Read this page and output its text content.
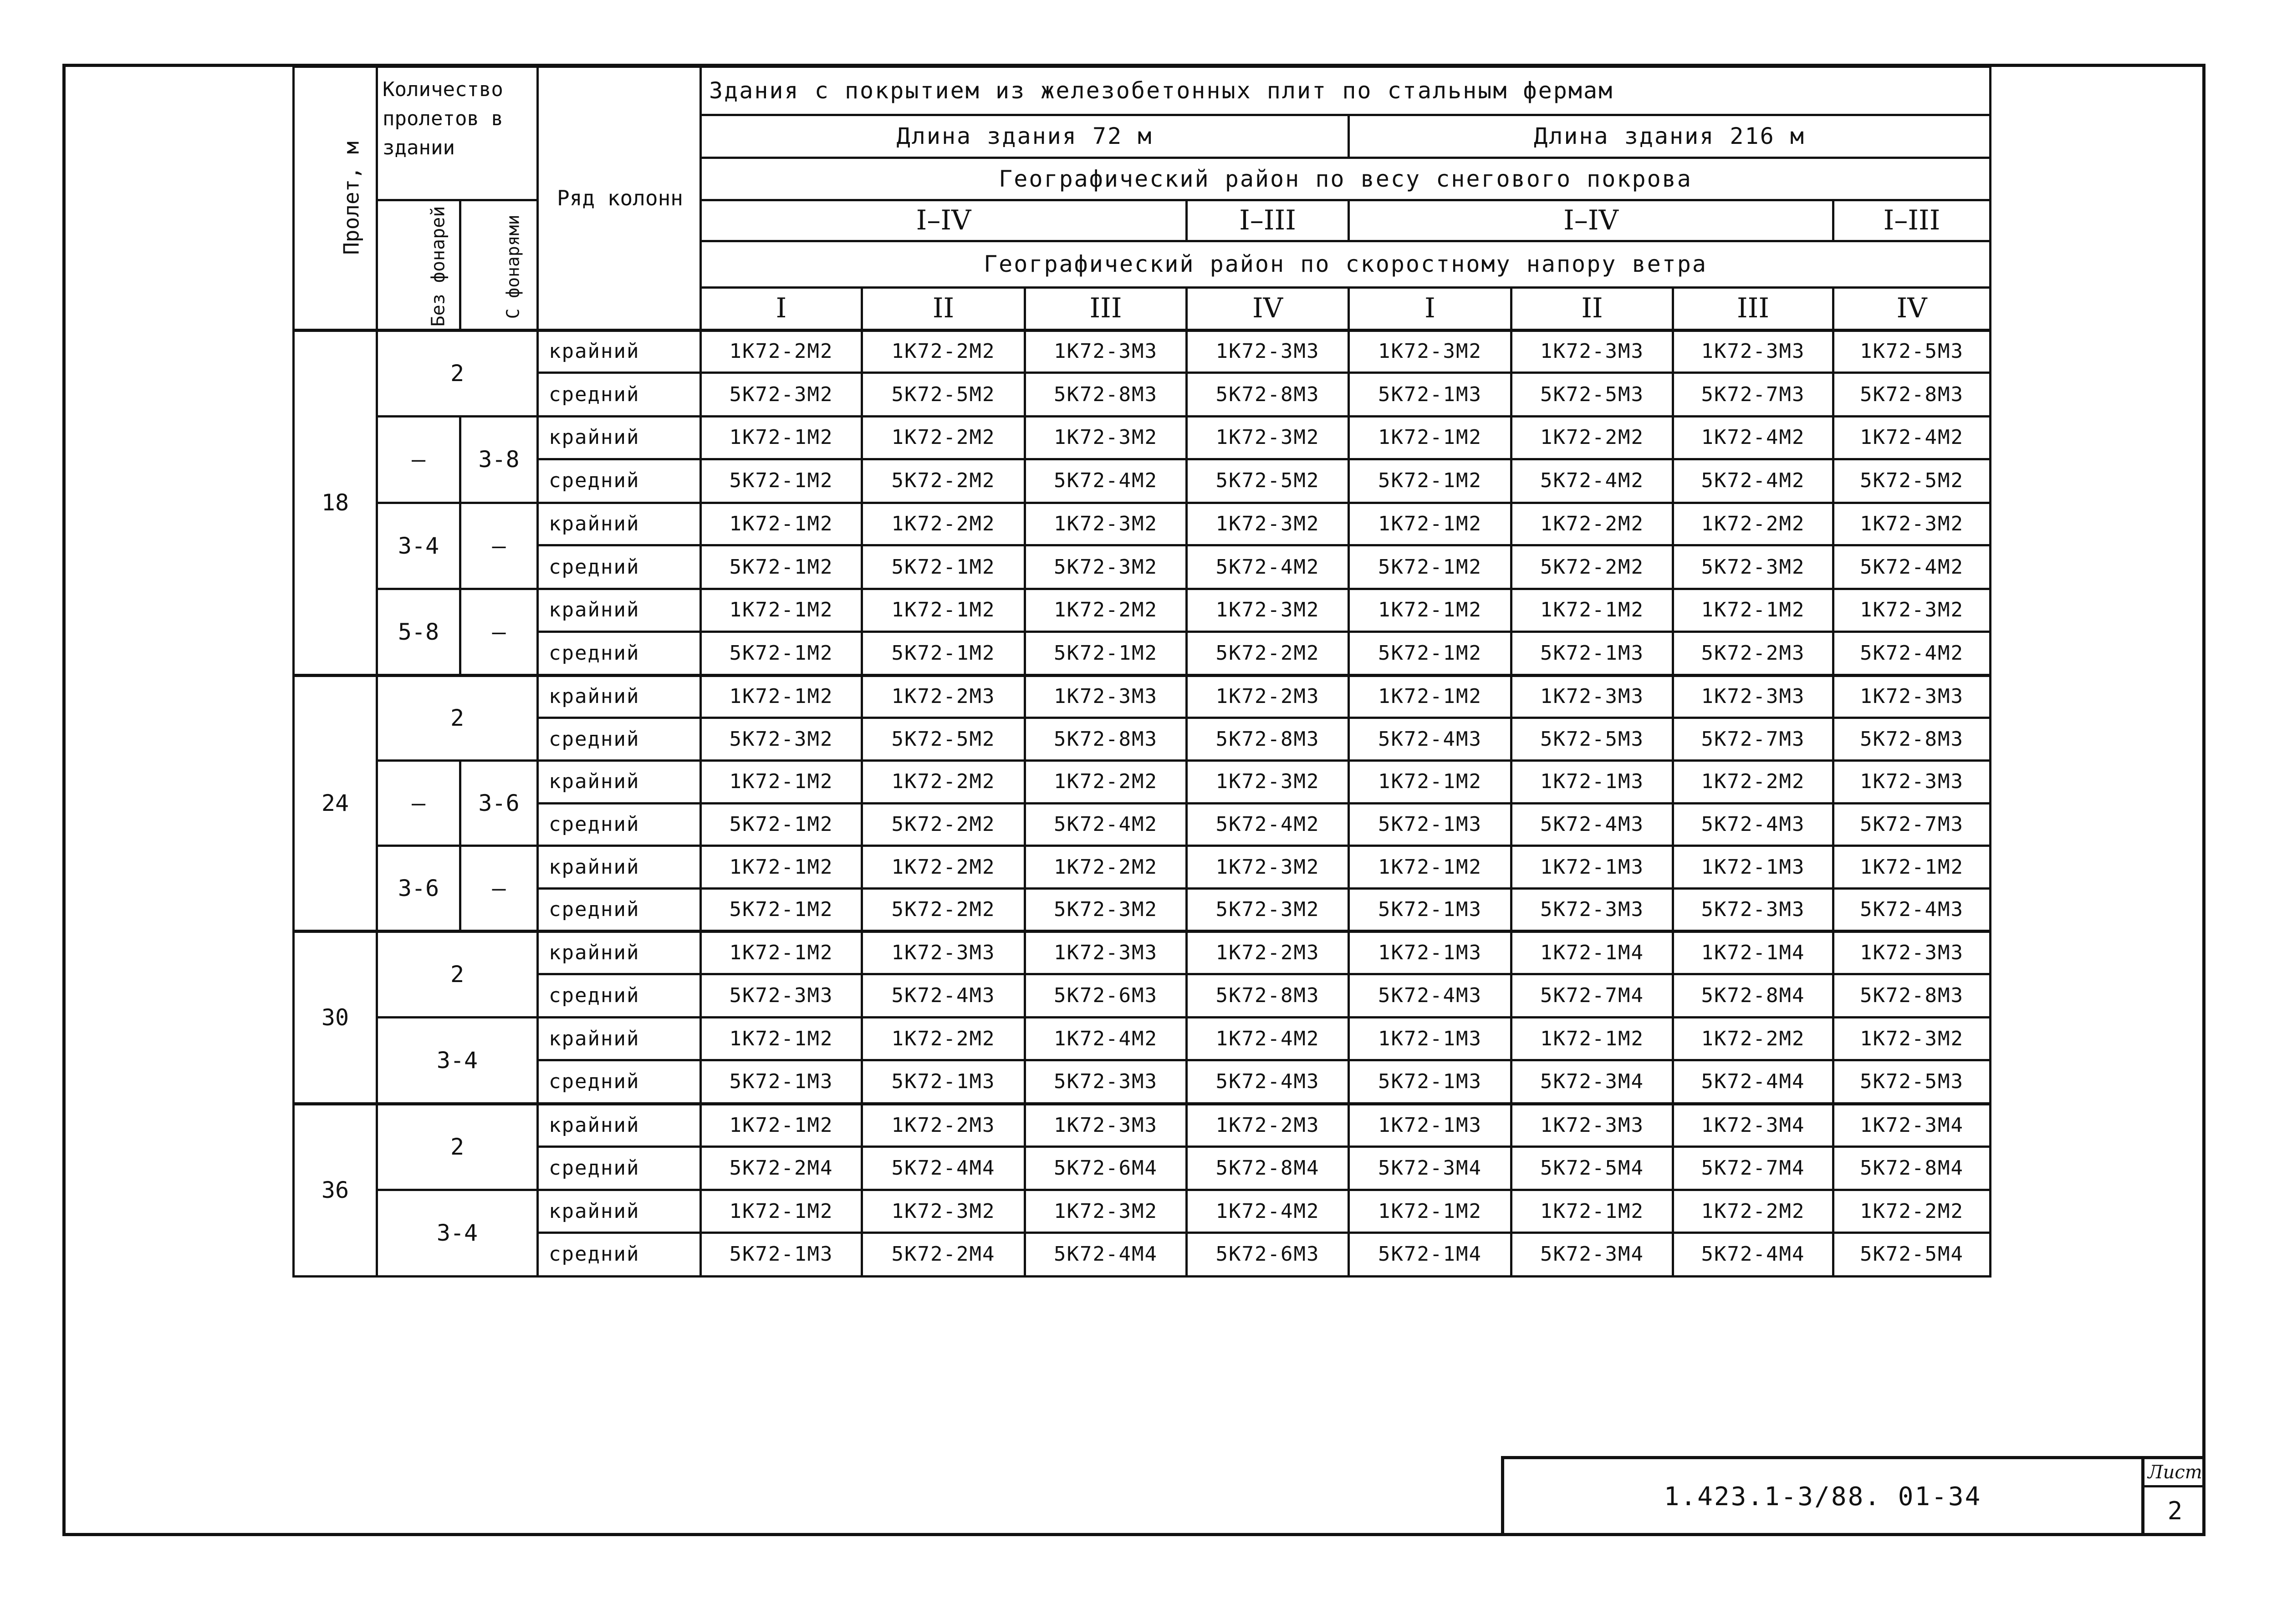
Пролет, м	Количество пролетов в здании		Ряд колонн	Здания с покрытием из железобетонных плит по стальным фермам							
				Длина здания 72 м				Длина здания 216 м			
				Географический район по весу снегового покрова							
	Без фонарей	С фонарями		I–IV			I–III	I–IV			I–III
				Географический район по скоростному напору ветра							
				I	II	III	IV	I	II	III	IV
18	2		крайний	1К72-2М2	1К72-2М2	1К72-3М3	1К72-3М3	1К72-3М2	1К72-3М3	1К72-3М3	1К72-5М3
			средний	5К72-3М2	5К72-5М2	5К72-8М3	5К72-8М3	5К72-1М3	5К72-5М3	5К72-7М3	5К72-8М3
	—	3-8	крайний	1К72-1М2	1К72-2М2	1К72-3М2	1К72-3М2	1К72-1М2	1К72-2М2	1К72-4М2	1К72-4М2
			средний	5К72-1М2	5К72-2М2	5К72-4М2	5К72-5М2	5К72-1М2	5К72-4М2	5К72-4М2	5К72-5М2
	3-4	—	крайний	1К72-1М2	1К72-2М2	1К72-3М2	1К72-3М2	1К72-1М2	1К72-2М2	1К72-2М2	1К72-3М2
			средний	5К72-1М2	5К72-1М2	5К72-3М2	5К72-4М2	5К72-1М2	5К72-2М2	5К72-3М2	5К72-4М2
	5-8	—	крайний	1К72-1М2	1К72-1М2	1К72-2М2	1К72-3М2	1К72-1М2	1К72-1М2	1К72-1М2	1К72-3М2
			средний	5К72-1М2	5К72-1М2	5К72-1М2	5К72-2М2	5К72-1М2	5К72-1М3	5К72-2М3	5К72-4М2
24	2		крайний	1К72-1М2	1К72-2М3	1К72-3М3	1К72-2М3	1К72-1М2	1К72-3М3	1К72-3М3	1К72-3М3
			средний	5К72-3М2	5К72-5М2	5К72-8М3	5К72-8М3	5К72-4М3	5К72-5М3	5К72-7М3	5К72-8М3
	—	3-6	крайний	1К72-1М2	1К72-2М2	1К72-2М2	1К72-3М2	1К72-1М2	1К72-1М3	1К72-2М2	1К72-3М3
			средний	5К72-1М2	5К72-2М2	5К72-4М2	5К72-4М2	5К72-1М3	5К72-4М3	5К72-4М3	5К72-7М3
	3-6	—	крайний	1К72-1М2	1К72-2М2	1К72-2М2	1К72-3М2	1К72-1М2	1К72-1М3	1К72-1М3	1К72-1М2
			средний	5К72-1М2	5К72-2М2	5К72-3М2	5К72-3М2	5К72-1М3	5К72-3М3	5К72-3М3	5К72-4М3
30	2		крайний	1К72-1М2	1К72-3М3	1К72-3М3	1К72-2М3	1К72-1М3	1К72-1М4	1К72-1М4	1К72-3М3
			средний	5К72-3М3	5К72-4М3	5К72-6М3	5К72-8М3	5К72-4М3	5К72-7М4	5К72-8М4	5К72-8М3
	3-4		крайний	1К72-1М2	1К72-2М2	1К72-4М2	1К72-4М2	1К72-1М3	1К72-1М2	1К72-2М2	1К72-3М2
			средний	5К72-1М3	5К72-1М3	5К72-3М3	5К72-4М3	5К72-1М3	5К72-3М4	5К72-4М4	5К72-5М3
36	2		крайний	1К72-1М2	1К72-2М3	1К72-3М3	1К72-2М3	1К72-1М3	1К72-3М3	1К72-3М4	1К72-3М4
			средний	5К72-2М4	5К72-4М4	5К72-6М4	5К72-8М4	5К72-3М4	5К72-5М4	5К72-7М4	5К72-8М4
	3-4		крайний	1К72-1М2	1К72-3М2	1К72-3М2	1К72-4М2	1К72-1М2	1К72-1М2	1К72-2М2	1К72-2М2
			средний	5К72-1М3	5К72-2М4	5К72-4М4	5К72-6М3	5К72-1М4	5К72-3М4	5К72-4М4	5К72-5М4
1.423.1-3/88. 01-34
Лист
2
